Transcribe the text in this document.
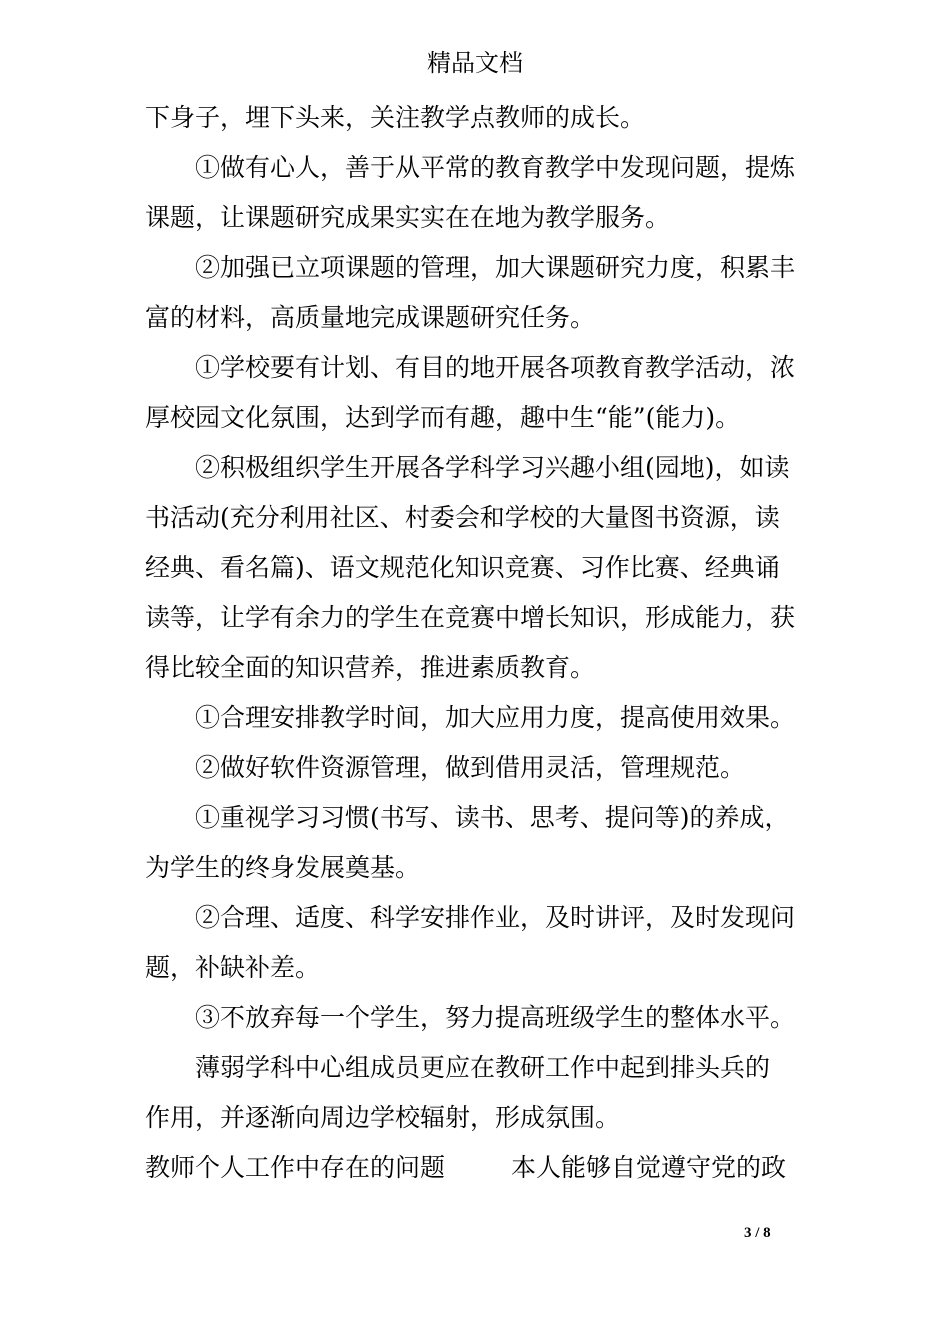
精品文档
下身子，埋下头来，关注教学点教师的成长。
①做有心人，善于从平常的教育教学中发现问题，提炼
课题，让课题研究成果实实在在地为教学服务。
②加强已立项课题的管理，加大课题研究力度，积累丰
富的材料，高质量地完成课题研究任务。
①学校要有计划、有目的地开展各项教育教学活动，浓
厚校园文化氛围，达到学而有趣，趣中生“能”(能力)。
②积极组织学生开展各学科学习兴趣小组(园地)，如读
书活动(充分利用社区、村委会和学校的大量图书资源，读
经典、看名篇)、语文规范化知识竞赛、习作比赛、经典诵
读等，让学有余力的学生在竞赛中增长知识，形成能力，获
得比较全面的知识营养，推进素质教育。
①合理安排教学时间，加大应用力度，提高使用效果。
②做好软件资源管理，做到借用灵活，管理规范。
①重视学习习惯(书写、读书、思考、提问等)的养成，
为学生的终身发展奠基。
②合理、适度、科学安排作业，及时讲评，及时发现问
题，补缺补差。
③不放弃每一个学生，努力提高班级学生的整体水平。
薄弱学科中心组成员更应在教研工作中起到排头兵的
作用，并逐渐向周边学校辐射，形成氛围。
教师个人工作中存在的问题	本人能够自觉遵守党的政
3 / 8
